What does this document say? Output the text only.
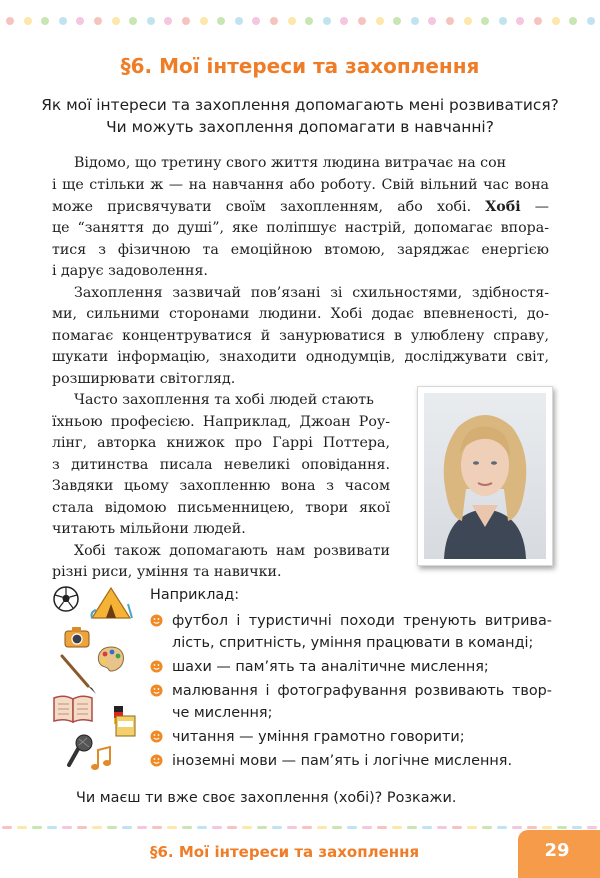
§6. Мої інтереси та захоплення

Як мої інтереси та захоплення допомагають мені розвиватися? Чи можуть захоплення допомагати в навчанні?

Відомо, що третину свого життя людина витрачає на сон

і ще стільки ж — на навчання або роботу. Свій вільний час вона

може присвячувати своїм захопленням, або хобі. Хобі —

це “заняття до душі”, яке поліпшує настрій, допомагає впора-

тися з фізичною та емоційною втомою, заряджає енергією

і дарує задоволення.

Захоплення зазвичай пов’язані зі схильностями, здібностя-

ми, сильними сторонами людини. Хобі додає впевненості, до-

помагає концентруватися й занурюватися в улюблену справу,

шукати інформацію, знаходити однодумців, досліджувати світ,

розширювати світогляд.

Часто захоплення та хобі людей стають

їхньою професією. Наприклад, Джоан Роу-

лінг, авторка книжок про Гаррі Поттера,

з дитинства писала невеликі оповідання.

Завдяки цьому захопленню вона з часом

стала відомою письменницею, твори якої

читають мільйони людей.

Хобі також допомагають нам розвивати

різні риси, уміння та навички.

Наприклад:

футбол і туристичні походи тренують витрива-
лість, спритність, уміння працювати в команді;
шахи — пам’ять та аналітичне мислення;
малювання і фотографування розвивають твор-
че мислення;
читання — уміння грамотно говорити;
іноземні мови — пам’ять і логічне мислення.

Чи маєш ти вже своє захоплення (хобі)? Розкажи.

§6. Мої інтереси та захоплення	29
